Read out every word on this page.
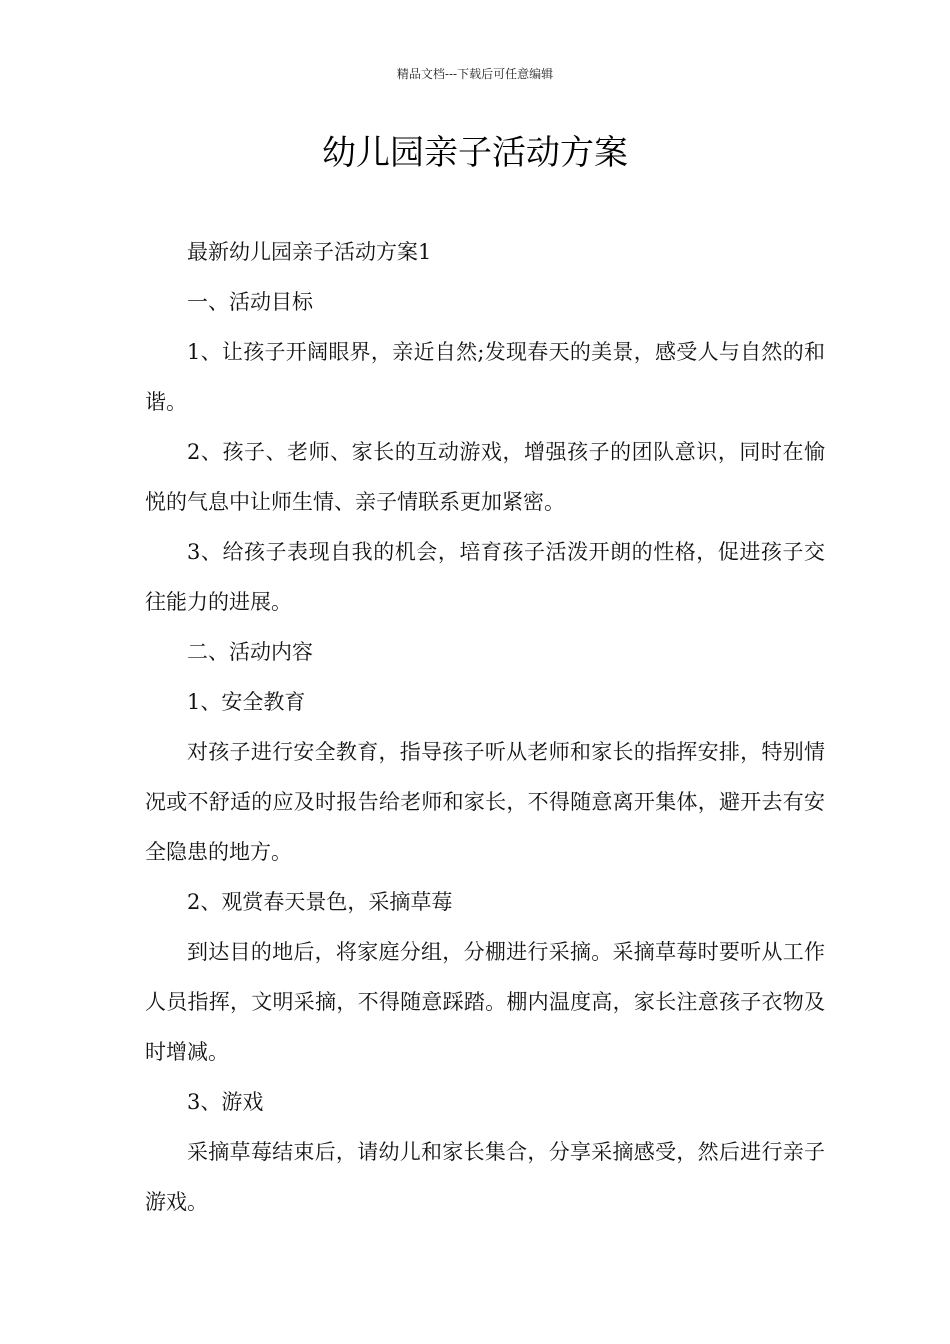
精品文档---下载后可任意编辑
幼儿园亲子活动方案

最新幼儿园亲子活动方案1

一、活动目标

1、让孩子开阔眼界，亲近自然;发现春天的美景，感受人与自然的和谐。

2、孩子、老师、家长的互动游戏，增强孩子的团队意识，同时在愉悦的气息中让师生情、亲子情联系更加紧密。

3、给孩子表现自我的机会，培育孩子活泼开朗的性格，促进孩子交往能力的进展。

二、活动内容

1、安全教育

对孩子进行安全教育，指导孩子听从老师和家长的指挥安排，特别情况或不舒适的应及时报告给老师和家长，不得随意离开集体，避开去有安全隐患的地方。

2、观赏春天景色，采摘草莓

到达目的地后，将家庭分组，分棚进行采摘。采摘草莓时要听从工作人员指挥，文明采摘，不得随意踩踏。棚内温度高，家长注意孩子衣物及时增减。

3、游戏

采摘草莓结束后，请幼儿和家长集合，分享采摘感受，然后进行亲子游戏。
